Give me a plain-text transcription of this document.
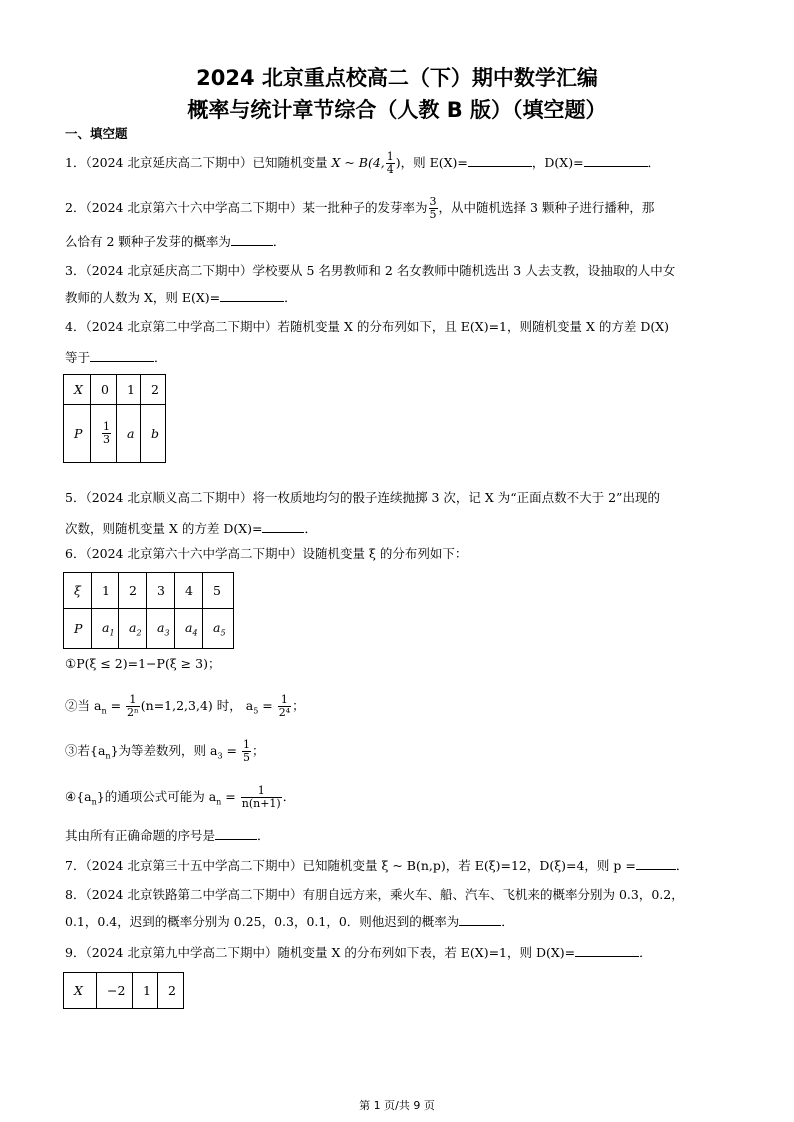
2024 北京重点校高二（下）期中数学汇编
概率与统计章节综合（人教 B 版）（填空题）
一、填空题
1．（2024 北京延庆高二下期中）已知随机变量 X ~ B(4, $\frac{1}{4}$ )，则 E(X)=	，D(X)=	．
2．（2024 北京第六十六中学高二下期中）某一批种子的发芽率为 $\frac{3}{5}$ ，从中随机选择 3 颗种子进行播种，那
么恰有 2 颗种子发芽的概率为	．
3．（2024 北京延庆高二下期中）学校要从 5 名男教师和 2 名女教师中随机选出 3 人去支教，设抽取的人中女
教师的人数为 X，则 E(X)=	．
4．（2024 北京第二中学高二下期中）若随机变量 X 的分布列如下，且 E(X)=1，则随机变量 X 的方差 D(X)
等于	．
X	0	1	2
P	$\frac{1}{3}$	a	b
5．（2024 北京顺义高二下期中）将一枚质地均匀的骰子连续抛掷 3 次，记 X 为“正面点数不大于 2”出现的
次数，则随机变量 X 的方差 D(X)=	．
6．（2024 北京第六十六中学高二下期中）设随机变量 ξ 的分布列如下：
ξ	1	2	3	4	5
P	$a_1$	$a_2$	$a_3$	$a_4$	$a_5$
①P(ξ ≤ 2)=1−P(ξ ≥ 3)；
②当 $a_n = \frac{1}{\text{2ⁿ}} (n=1,2,3,4)$ 时， $a_5 = \frac{1}{\text{2⁴}}$ ；
③若$\{a_n\}$为等差数列，则 $a_3 = \frac{1}{5}$ ；
$④\{a_n\}$的通项公式可能为 $a_n = \frac{1}{n(n+1)}$ ．
其由所有正确命题的序号是	．
7．（2024 北京第三十五中学高二下期中）已知随机变量 ξ ~ B(n,p)，若 E(ξ)=12，D(ξ)=4，则 p =	．
8．（2024 北京铁路第二中学高二下期中）有朋自远方来，乘火车、船、汽车、飞机来的概率分别为 0.3，0.2，
0.1，0.4，迟到的概率分别为 0.25，0.3，0.1，0．则他迟到的概率为	．
9．（2024 北京第九中学高二下期中）随机变量 X 的分布列如下表，若 E(X)=1，则 D(X)=	．
X	−2	1	2
第 1 页/共 9 页
